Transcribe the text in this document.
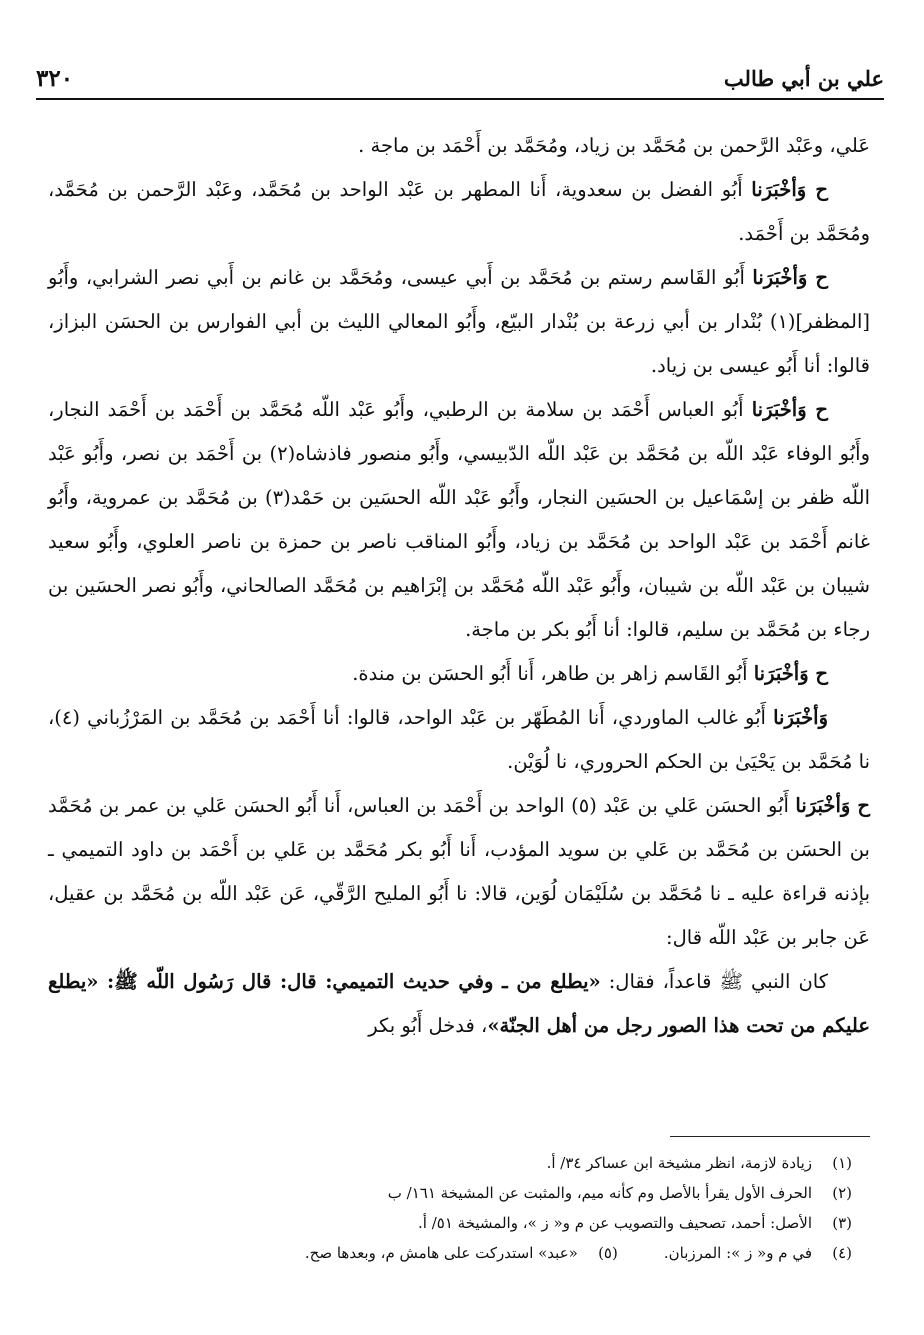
٣٢٠	علي بن أبي طالب

عَلي، وعَبْد الرَّحمن بن مُحَمَّد بن زياد، ومُحَمَّد بن أَحْمَد بن ماجة .

ح وَأخْبَرَنا أَبُو الفضل بن سعدوية، أَنا المطهر بن عَبْد الواحد بن مُحَمَّد، وعَبْد الرَّحمن بن مُحَمَّد، ومُحَمَّد بن أَحْمَد.

ح وَأخْبَرَنا أَبُو القَاسم رستم بن مُحَمَّد بن أَبي عيسى، ومُحَمَّد بن غانم بن أَبي نصر الشرابي، وأَبُو [المظفر](١) بُنْدار بن أبي زرعة بن بُنْدار البيّع، وأَبُو المعالي الليث بن أبي الفوارس بن الحسَن البزاز، قالوا: أنا أَبُو عيسى بن زياد.

ح وَأخْبَرَنا أَبُو العباس أَحْمَد بن سلامة بن الرطبي، وأَبُو عَبْد اللّه مُحَمَّد بن أَحْمَد بن أَحْمَد النجار، وأَبُو الوفاء عَبْد اللّه بن مُحَمَّد بن عَبْد اللّه الدّبيسي، وأَبُو منصور فاذشاه(٢) بن أَحْمَد بن نصر، وأَبُو عَبْد اللّه ظفر بن إسْمَاعيل بن الحسَين النجار، وأَبُو عَبْد اللّه الحسَين بن حَمْد(٣) بن مُحَمَّد بن عمروية، وأَبُو غانم أَحْمَد بن عَبْد الواحد بن مُحَمَّد بن زياد، وأَبُو المناقب ناصر بن حمزة بن ناصر العلوي، وأَبُو سعيد شيبان بن عَبْد اللّه بن شيبان، وأَبُو عَبْد اللّه مُحَمَّد بن إبْرَاهيم بن مُحَمَّد الصالحاني، وأَبُو نصر الحسَين بن رجاء بن مُحَمَّد بن سليم، قالوا: أنا أَبُو بكر بن ماجة.

ح وَأخْبَرَنا أَبُو القَاسم زاهر بن طاهر، أَنا أَبُو الحسَن بن مندة.

وَأخْبَرَنا أَبُو غالب الماوردي، أَنا المُطَهّر بن عَبْد الواحد، قالوا: أنا أَحْمَد بن مُحَمَّد بن المَرْزُباني (٤)، نا مُحَمَّد بن يَحْيَىٰ بن الحكم الحروري، نا لُوَيْن.

ح وَأخْبَرَنا أَبُو الحسَن عَلي بن عَبْد (٥) الواحد بن أَحْمَد بن العباس، أَنا أَبُو الحسَن عَلي بن عمر بن مُحَمَّد بن الحسَن بن مُحَمَّد بن عَلي بن سويد المؤدب، أَنا أَبُو بكر مُحَمَّد بن عَلي بن أَحْمَد بن داود التميمي ـ بإذنه قراءة عليه ـ نا مُحَمَّد بن سُلَيْمَان لُوَين، قالا: نا أَبُو المليح الرَّقّي، عَن عَبْد اللّه بن مُحَمَّد بن عقيل، عَن جابر بن عَبْد اللّه قال:

كان النبي ﷺ قاعداً، فقال: «يطلع من ـ وفي حديث التميمي: قال: قال رَسُول اللّه ﷺ: «يطلع عليكم من تحت هذا الصور رجل من أهل الجنّة»، فدخل أَبُو بكر

(١)
زيادة لازمة، انظر مشيخة ابن عساكر ٣٤/ أ.
(٢)
الحرف الأول يقرأ بالأصل وم كأنه ميم، والمثبت عن المشيخة ١٦١/ ب
(٣)
الأصل: أحمد، تصحيف والتصويب عن م و« ز »، والمشيخة ٥١/ أ.
(٤)
في م و« ز »: المرزبان.
(٥)
«عبد» استدركت على هامش م، وبعدها صح.
